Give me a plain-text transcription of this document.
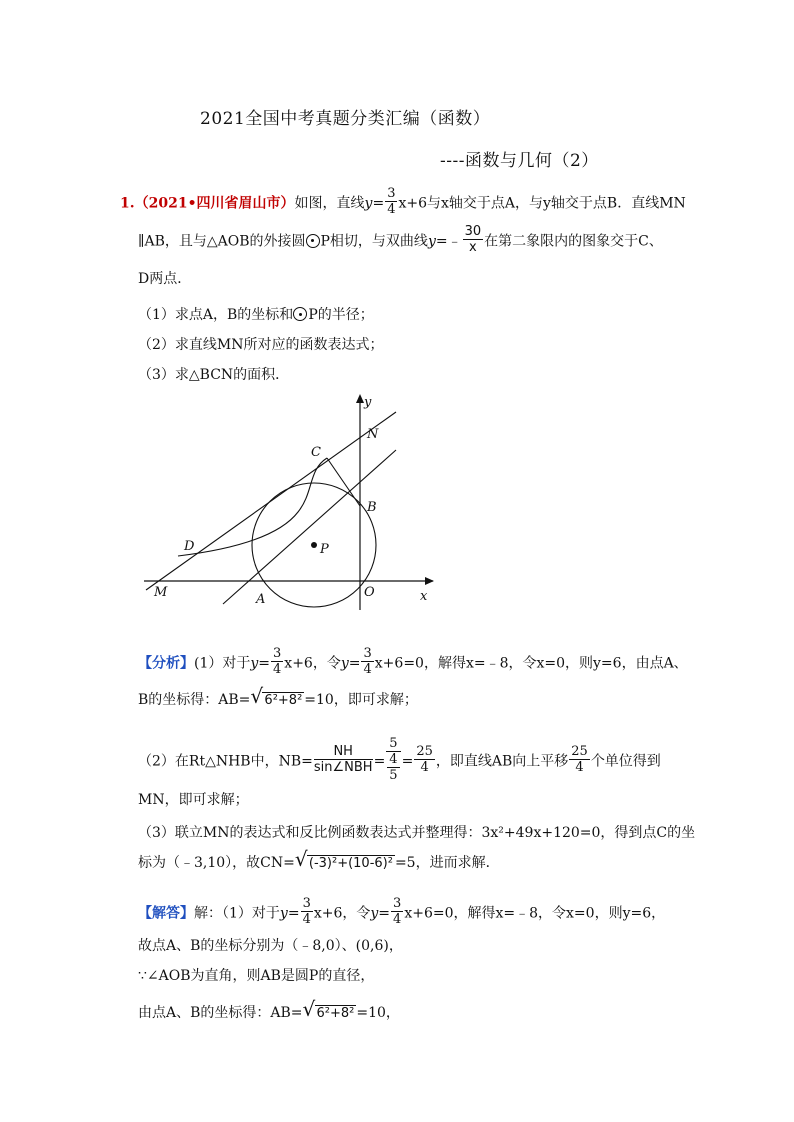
2021全国中考真题分类汇编（函数）
----函数与几何（2）
1.（2021•四川省眉山市）如图，直线$y= \frac{3}{4} x+6$与x轴交于点A，与y轴交于点B．直线MN
∥AB，且与△AOB的外接圆 P相切，与双曲线y=﹣ $\frac{30}{x}$ 在第二象限内的图象交于C、
D两点．
（1）求点A，B的坐标和 P的半径；
（2）求直线MN所对应的函数表达式；
（3）求△BCN的面积．
y
N
C
B
D	P
M	A	O	x
【分析】(1）对于$y= \frac{3}{4} x+6$，令$y= \frac{3}{4} x+6=0$，解得x=﹣8，令x=0，则y=6，由点A、
B的坐标得：AB= √ 6²+8² =10，即可求解；
（2）在Rt△NHB中，$NB= \frac{NH}{\text{sin∠NBH}} = \frac{5}{\frac{4}{5}} = \frac{25}{4}$ ，即直线AB向上平移 $\frac{25}{4}$ 个单位得到
MN，即可求解；
（3）联立MN的表达式和反比例函数表达式并整理得：3x²+49x+120=0，得到点C的坐
标为（﹣3,10），故CN= √ (-3)²+(10-6)² =5，进而求解．
【解答】解：（1）对于$y= \frac{3}{4} x+6$，令$y= \frac{3}{4} x+6=0$，解得x=﹣8，令x=0，则y=6，
故点A、B的坐标分别为（﹣8,0）、(0,6)，
∵∠AOB为直角，则AB是圆P的直径，
由点A、B的坐标得：AB= √ 6²+8² =10，
